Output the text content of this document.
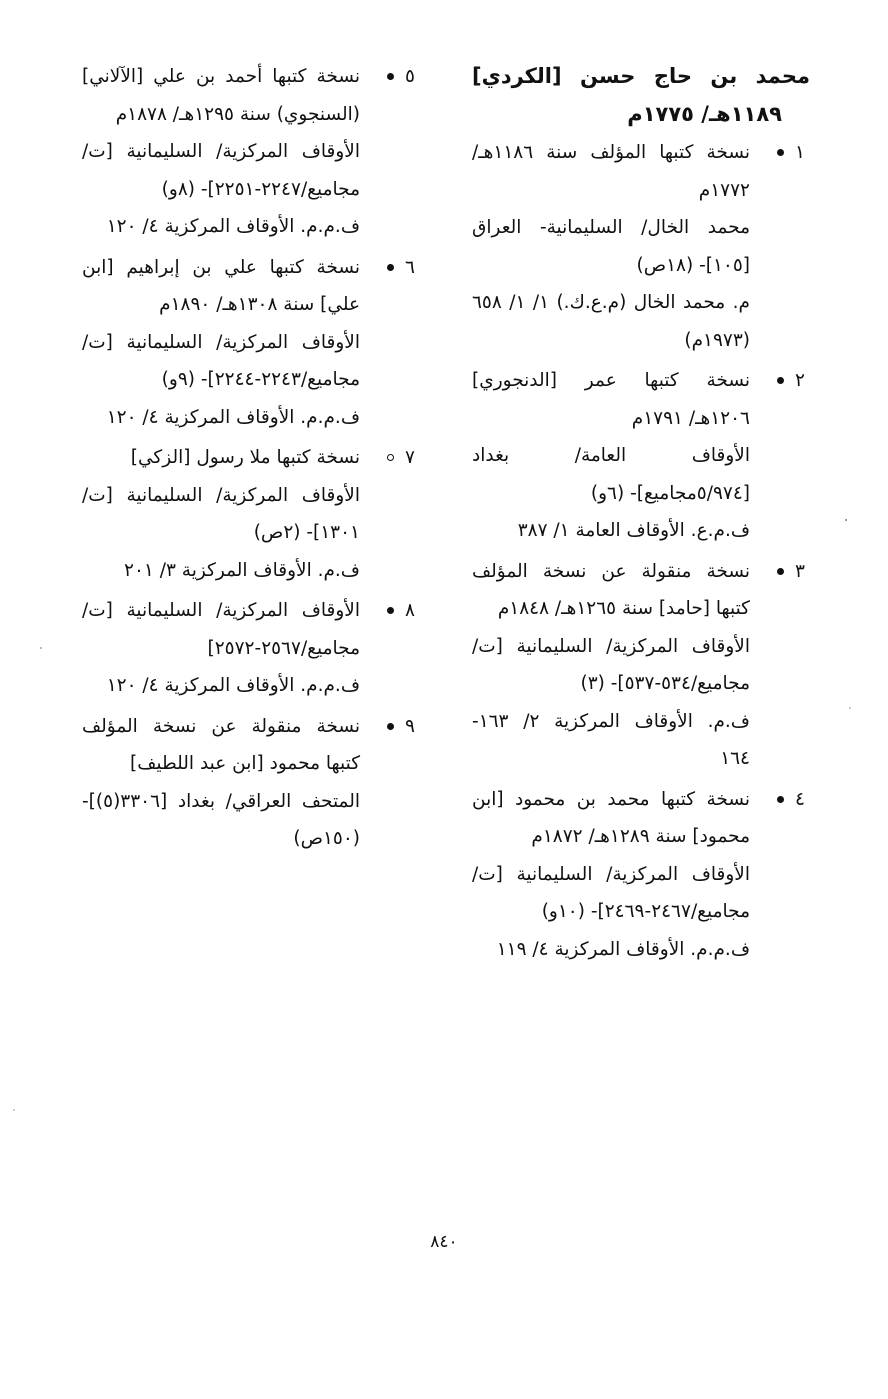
محمد بن حاج حسن [الكردي]
١١٨٩هـ/ ١٧٧٥م
١
نسخة كتبها المؤلف سنة ١١٨٦هـ/ ١٧٧٢م
محمد الخال/ السليمانية- العراق [١٠٥]- (١٨ص)
م. محمد الخال (م.ع.ك.) ١/ ١/ ٦٥٨ (١٩٧٣م)
٢
نسخة كتبها عمر [الدنجوري] ١٢٠٦هـ/ ١٧٩١م
الأوقاف العامة/ بغداد [٥/٩٧٤مجاميع]- (٦و)
ف.م.ع. الأوقاف العامة ١/ ٣٨٧
٣
نسخة منقولة عن نسخة المؤلف كتبها [حامد] سنة ١٢٦٥هـ/ ١٨٤٨م
الأوقاف المركزية/ السليمانية [ت/مجاميع/٥٣٤-٥٣٧]- (٣)
ف.م. الأوقاف المركزية ٢/ ١٦٣- ١٦٤
٤
نسخة كتبها محمد بن محمود [ابن محمود] سنة ١٢٨٩هـ/ ١٨٧٢م
الأوقاف المركزية/ السليمانية [ت/مجاميع/٢٤٦٧-٢٤٦٩]- (١٠و)
ف.م.م. الأوقاف المركزية ٤/ ١١٩
٥
نسخة كتبها أحمد بن علي [الآلاني] (السنجوي) سنة ١٢٩٥هـ/ ١٨٧٨م
الأوقاف المركزية/ السليمانية [ت/مجاميع/٢٢٤٧-٢٢٥١]- (٨و)
ف.م.م. الأوقاف المركزية ٤/ ١٢٠
٦
نسخة كتبها علي بن إبراهيم [ابن علي] سنة ١٣٠٨هـ/ ١٨٩٠م
الأوقاف المركزية/ السليمانية [ت/مجاميع/٢٢٤٣-٢٢٤٤]- (٩و)
ف.م.م. الأوقاف المركزية ٤/ ١٢٠
٧
نسخة كتبها ملا رسول [الزكي]
الأوقاف المركزية/ السليمانية [ت/١٣٠١]- (٢ص)
ف.م. الأوقاف المركزية ٣/ ٢٠١
٨
الأوقاف المركزية/ السليمانية [ت/مجاميع/٢٥٦٧-٢٥٧٢]
ف.م.م. الأوقاف المركزية ٤/ ١٢٠
٩
نسخة منقولة عن نسخة المؤلف كتبها محمود [ابن عبد اللطيف]
المتحف العراقي/ بغداد [٣٣٠٦(٥)]- (١٥٠ص)
٨٤٠
